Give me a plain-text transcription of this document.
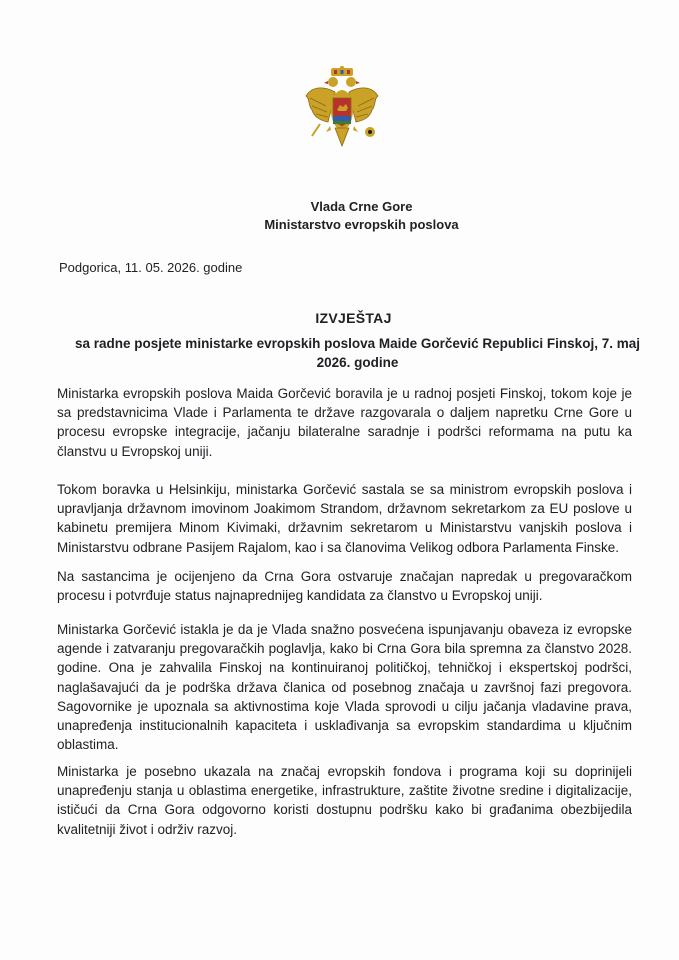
Vlada Crne Gore
Ministarstvo evropskih poslova
Podgorica, 11. 05. 2026. godine
IZVJEŠTAJ
sa radne posjete ministarke evropskih poslova Maide Gorčević Republici Finskoj, 7. maj 2026. godine

Ministarka evropskih poslova Maida Gorčević boravila je u radnoj posjeti Finskoj, tokom koje je sa predstavnicima Vlade i Parlamenta te države razgovarala o daljem napretku Crne Gore u procesu evropske integracije, jačanju bilateralne saradnje i podršci reformama na putu ka članstvu u Evropskoj uniji.

Tokom boravka u Helsinkiju, ministarka Gorčević sastala se sa ministrom evropskih poslova i upravljanja državnom imovinom Joakimom Strandom, državnom sekretarkom za EU poslove u kabinetu premijera Minom Kivimaki, državnim sekretarom u Ministarstvu vanjskih poslova i Ministarstvu odbrane Pasijem Rajalom, kao i sa članovima Velikog odbora Parlamenta Finske.

Na sastancima je ocijenjeno da Crna Gora ostvaruje značajan napredak u pregovaračkom procesu i potvrđuje status najnaprednijeg kandidata za članstvo u Evropskoj uniji.

Ministarka Gorčević istakla je da je Vlada snažno posvećena ispunjavanju obaveza iz evropske agende i zatvaranju pregovaračkih poglavlja, kako bi Crna Gora bila spremna za članstvo 2028. godine. Ona je zahvalila Finskoj na kontinuiranoj političkoj, tehničkoj i ekspertskoj podršci, naglašavajući da je podrška država članica od posebnog značaja u završnoj fazi pregovora. Sagovornike je upoznala sa aktivnostima koje Vlada sprovodi u cilju jačanja vladavine prava, unapređenja institucionalnih kapaciteta i usklađivanja sa evropskim standardima u ključnim oblastima.

Ministarka je posebno ukazala na značaj evropskih fondova i programa koji su doprinijeli unapređenju stanja u oblastima energetike, infrastrukture, zaštite životne sredine i digitalizacije, ističući da Crna Gora odgovorno koristi dostupnu podršku kako bi građanima obezbijedila kvalitetniji život i održiv razvoj.
